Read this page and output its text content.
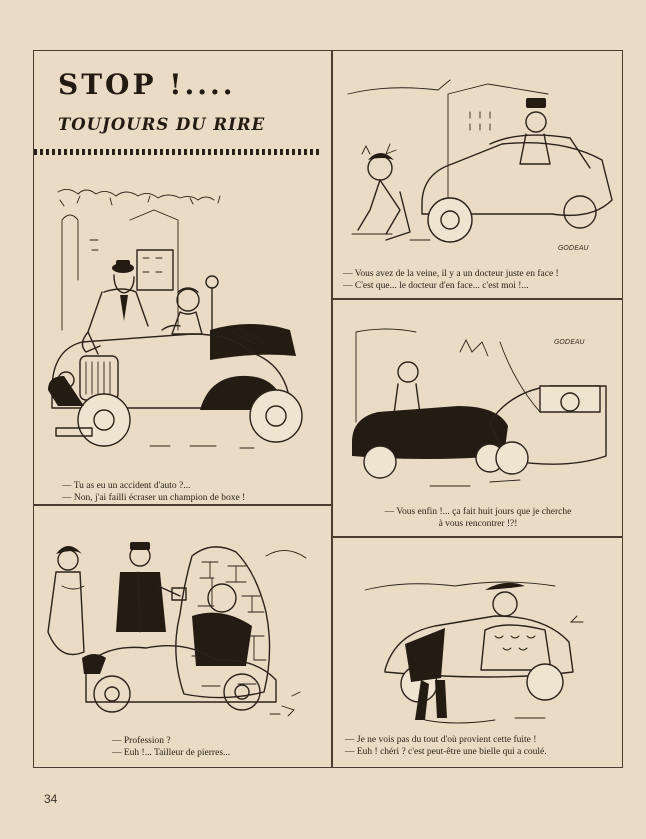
STOP !....
TOUJOURS DU RIRE
— Tu as eu un accident d'auto ?...
— Non, j'ai failli écraser un champion de boxe !
— Profession ?
— Euh !... Tailleur de pierres...
GODEAU
— Vous avez de la veine, il y a un docteur juste en face !
— C'est que... le docteur d'en face... c'est moi !...
GODEAU
— Vous enfin !... ça fait huit jours que je cherche
à vous rencontrer !?!
— Je ne vois pas du tout d'où provient cette fuite !
— Euh ! chéri ? c'est peut-être une bielle qui a coulé.
34
